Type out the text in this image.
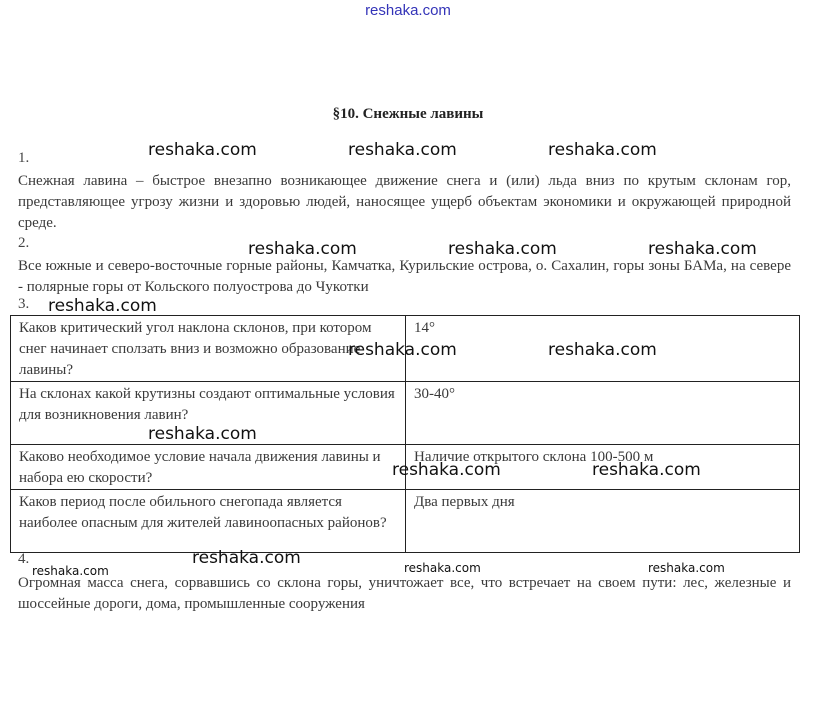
reshaka.com
§10. Снежные лавины
1.
Снежная лавина – быстрое внезапно возникающее движение снега и (или) льда вниз по крутым склонам гор, представляющее угрозу жизни и здоровью людей, наносящее ущерб объектам экономики и окружающей природной среде.
2.
Все южные и северо-восточные горные районы, Камчатка, Курильские острова, о. Сахалин, горы зоны БАМа, на севере - полярные горы от Кольского полуострова до Чукотки
3.
Каков критический угол наклона склонов, при котором снег начинает сползать вниз и возможно образование лавины?	14°
На склонах какой крутизны создают оптимальные условия для возникновения лавин?	30-40°
Каково необходимое условие начала движения лавины и набора ею скорости?	Наличие открытого склона 100-500 м
Каков период после обильного снегопада является наиболее опасным для жителей лавиноопасных районов?	Два первых дня
4.
Огромная масса снега, сорвавшись со склона горы, уничтожает все, что встречает на своем пути: лес, железные и шоссейные дороги, дома, промышленные сооружения
reshaka.com	reshaka.com	reshaka.com
reshaka.com	reshaka.com	reshaka.com
reshaka.com
reshaka.com	reshaka.com
reshaka.com
reshaka.com	reshaka.com
reshaka.com
reshaka.com	reshaka.com	reshaka.com
